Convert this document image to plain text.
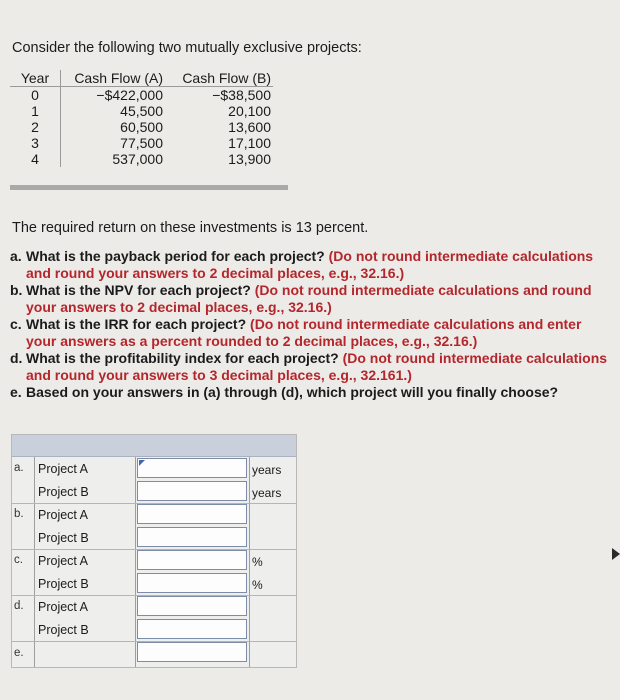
Consider the following two mutually exclusive projects:
Year	Cash Flow (A)	Cash Flow (B)
0	−$422,000	−$38,500
1	45,500	20,100
2	60,500	13,600
3	77,500	17,100
4	537,000	13,900
The required return on these investments is 13 percent.
a. What is the payback period for each project? (Do not round intermediate calculations and round your answers to 2 decimal places, e.g., 32.16.)
b. What is the NPV for each project? (Do not round intermediate calculations and round your answers to 2 decimal places, e.g., 32.16.)
c. What is the IRR for each project? (Do not round intermediate calculations and enter your answers as a percent rounded to 2 decimal places, e.g., 32.16.)
d. What is the profitability index for each project? (Do not round intermediate calculations and round your answers to 3 decimal places, e.g., 32.161.)
e. Based on your answers in (a) through (d), which project will you finally choose?
a. Project A	years
Project B	years
b. Project A
Project B
c. Project A	%
Project B	%
d. Project A
Project B
e.
